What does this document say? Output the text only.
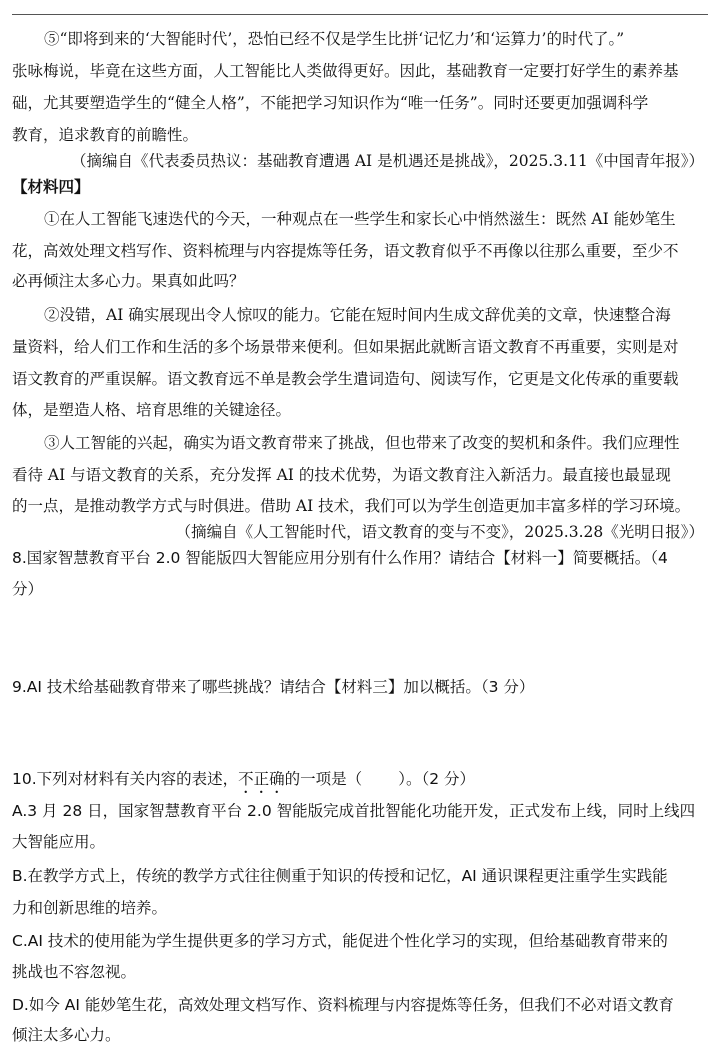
⑤“即将到来的‘大智能时代’，恐怕已经不仅是学生比拼‘记忆力’和‘运算力’的时代了。”
张咏梅说，毕竟在这些方面，人工智能比人类做得更好。因此，基础教育一定要打好学生的素养基
础，尤其要塑造学生的“健全人格”，不能把学习知识作为“唯一任务”。同时还要更加强调科学
教育，追求教育的前瞻性。
（摘编自《代表委员热议：基础教育遭遇 AI 是机遇还是挑战》，2025.3.11《中国青年报》）
【材料四】
①在人工智能飞速迭代的今天，一种观点在一些学生和家长心中悄然滋生：既然 AI 能妙笔生
花，高效处理文档写作、资料梳理与内容提炼等任务，语文教育似乎不再像以往那么重要，至少不
必再倾注太多心力。果真如此吗？
②没错，AI 确实展现出令人惊叹的能力。它能在短时间内生成文辞优美的文章，快速整合海
量资料，给人们工作和生活的多个场景带来便利。但如果据此就断言语文教育不再重要，实则是对
语文教育的严重误解。语文教育远不单是教会学生遣词造句、阅读写作，它更是文化传承的重要载
体，是塑造人格、培育思维的关键途径。
③人工智能的兴起，确实为语文教育带来了挑战，但也带来了改变的契机和条件。我们应理性
看待 AI 与语文教育的关系，充分发挥 AI 的技术优势，为语文教育注入新活力。最直接也最显现
的一点，是推动教学方式与时俱进。借助 AI 技术，我们可以为学生创造更加丰富多样的学习环境。
（摘编自《人工智能时代，语文教育的变与不变》，2025.3.28《光明日报》）
8.国家智慧教育平台 2.0 智能版四大智能应用分别有什么作用？请结合【材料一】简要概括。（4
分）
9.AI 技术给基础教育带来了哪些挑战？请结合【材料三】加以概括。（3 分）
10.下列对材料有关内容的表述，不正确的一项是（ ）。（2 分）
A.3 月 28 日，国家智慧教育平台 2.0 智能版完成首批智能化功能开发，正式发布上线，同时上线四
大智能应用。
B.在教学方式上，传统的教学方式往往侧重于知识的传授和记忆，AI 通识课程更注重学生实践能
力和创新思维的培养。
C.AI 技术的使用能为学生提供更多的学习方式，能促进个性化学习的实现，但给基础教育带来的
挑战也不容忽视。
D.如今 AI 能妙笔生花，高效处理文档写作、资料梳理与内容提炼等任务，但我们不必对语文教育
倾注太多心力。
